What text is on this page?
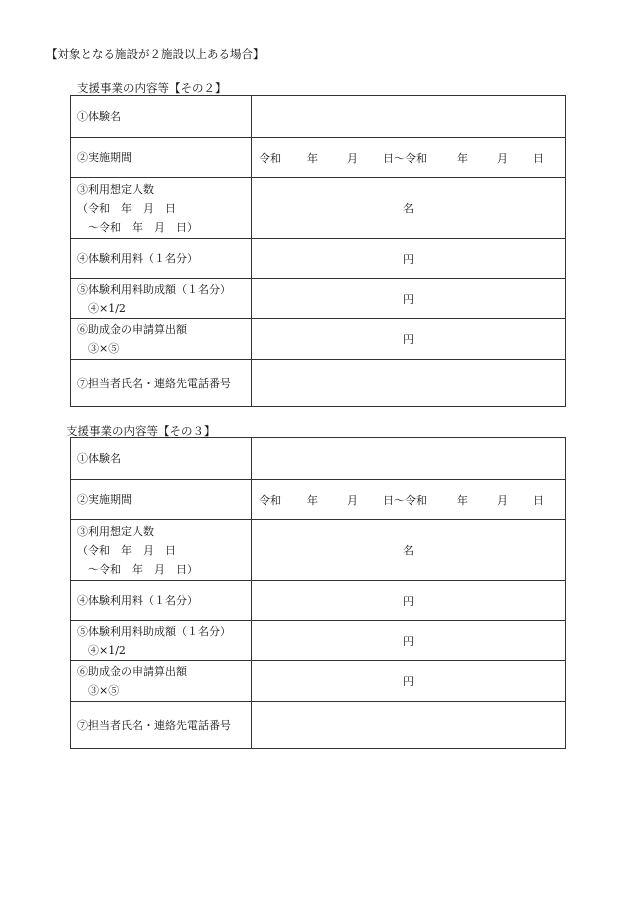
【対象となる施設が２施設以上ある場合】
支援事業の内容等【その２】
①体験名	
②実施期間	令和 年 月 日～令和 年 月 日

③利用想定人数
（令和　年　月　日
　～令和　年　月　日）	名
④体験利用料（１名分）	円

⑤体験利用料助成額（１名分）
　④×1/2	円

⑥助成金の申請算出額
　③×⑤	円
⑦担当者氏名・連絡先電話番号	
支援事業の内容等【その３】
①体験名	
②実施期間	令和 年 月 日～令和 年 月 日

③利用想定人数
（令和　年　月　日
　～令和　年　月　日）	名
④体験利用料（１名分）	円

⑤体験利用料助成額（１名分）
　④×1/2	円

⑥助成金の申請算出額
　③×⑤	円
⑦担当者氏名・連絡先電話番号	
